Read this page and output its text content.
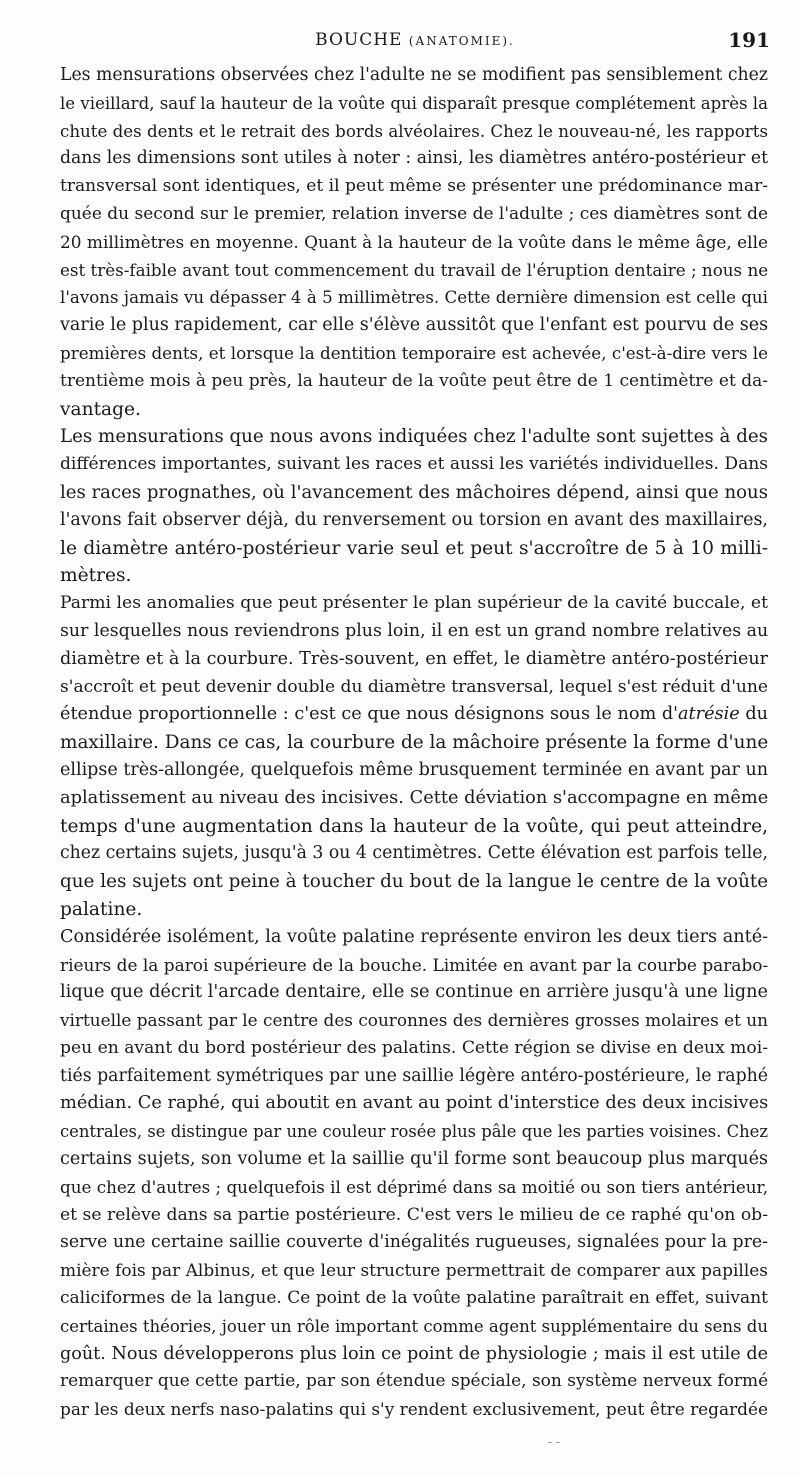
BOUCHE (ANATOMIE).	191

Les mensurations observées chez l'adulte ne se modifient pas sensiblement chez
le vieillard, sauf la hauteur de la voûte qui disparaît presque complétement après la
chute des dents et le retrait des bords alvéolaires. Chez le nouveau-né, les rapports
dans les dimensions sont utiles à noter : ainsi, les diamètres antéro-postérieur et
transversal sont identiques, et il peut même se présenter une prédominance mar-
quée du second sur le premier, relation inverse de l'adulte ; ces diamètres sont de
20 millimètres en moyenne. Quant à la hauteur de la voûte dans le même âge, elle
est très-faible avant tout commencement du travail de l'éruption dentaire ; nous ne
l'avons jamais vu dépasser 4 à 5 millimètres. Cette dernière dimension est celle qui
varie le plus rapidement, car elle s'élève aussitôt que l'enfant est pourvu de ses
premières dents, et lorsque la dentition temporaire est achevée, c'est-à-dire vers le
trentième mois à peu près, la hauteur de la voûte peut être de 1 centimètre et da-
vantage.

Les mensurations que nous avons indiquées chez l'adulte sont sujettes à des
différences importantes, suivant les races et aussi les variétés individuelles. Dans
les races prognathes, où l'avancement des mâchoires dépend, ainsi que nous
l'avons fait observer déjà, du renversement ou torsion en avant des maxillaires,
le diamètre antéro-postérieur varie seul et peut s'accroître de 5 à 10 milli-
mètres.

Parmi les anomalies que peut présenter le plan supérieur de la cavité buccale, et
sur lesquelles nous reviendrons plus loin, il en est un grand nombre relatives au
diamètre et à la courbure. Très-souvent, en effet, le diamètre antéro-postérieur
s'accroît et peut devenir double du diamètre transversal, lequel s'est réduit d'une
étendue proportionnelle : c'est ce que nous désignons sous le nom d'atrésie du
maxillaire. Dans ce cas, la courbure de la mâchoire présente la forme d'une
ellipse très-allongée, quelquefois même brusquement terminée en avant par un
aplatissement au niveau des incisives. Cette déviation s'accompagne en même
temps d'une augmentation dans la hauteur de la voûte, qui peut atteindre,
chez certains sujets, jusqu'à 3 ou 4 centimètres. Cette élévation est parfois telle,
que les sujets ont peine à toucher du bout de la langue le centre de la voûte
palatine.

Considérée isolément, la voûte palatine représente environ les deux tiers anté-
rieurs de la paroi supérieure de la bouche. Limitée en avant par la courbe parabo-
lique que décrit l'arcade dentaire, elle se continue en arrière jusqu'à une ligne
virtuelle passant par le centre des couronnes des dernières grosses molaires et un
peu en avant du bord postérieur des palatins. Cette région se divise en deux moi-
tiés parfaitement symétriques par une saillie légère antéro-postérieure, le raphé
médian. Ce raphé, qui aboutit en avant au point d'interstice des deux incisives
centrales, se distingue par une couleur rosée plus pâle que les parties voisines. Chez
certains sujets, son volume et la saillie qu'il forme sont beaucoup plus marqués
que chez d'autres ; quelquefois il est déprimé dans sa moitié ou son tiers antérieur,
et se relève dans sa partie postérieure. C'est vers le milieu de ce raphé qu'on ob-
serve une certaine saillie couverte d'inégalités rugueuses, signalées pour la pre-
mière fois par Albinus, et que leur structure permettrait de comparer aux papilles
caliciformes de la langue. Ce point de la voûte palatine paraîtrait en effet, suivant
certaines théories, jouer un rôle important comme agent supplémentaire du sens du
goût. Nous développerons plus loin ce point de physiologie ; mais il est utile de
remarquer que cette partie, par son étendue spéciale, son système nerveux formé
par les deux nerfs naso-palatins qui s'y rendent exclusivement, peut être regardée

- -
